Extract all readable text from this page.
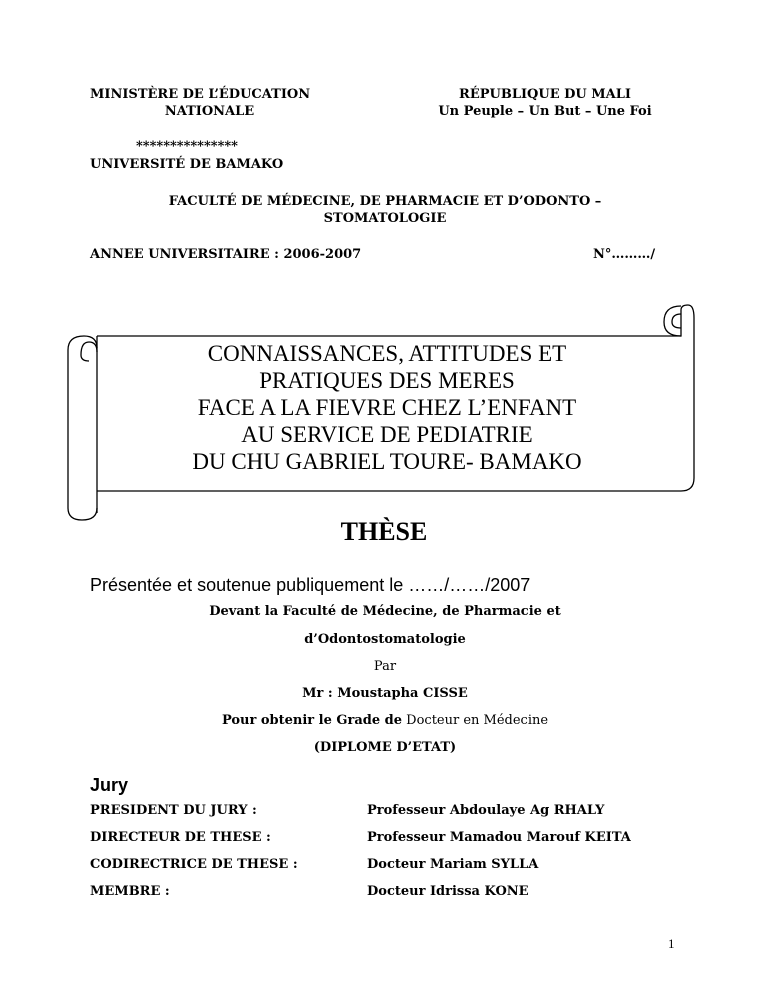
MINISTÈRE DE L’ÉDUCATION
NATIONALE
RÉPUBLIQUE DU MALI
Un Peuple – Un But – Une Foi
***************
UNIVERSITÉ DE BAMAKO
FACULTÉ DE MÉDECINE, DE PHARMACIE ET D’ODONTO –
STOMATOLOGIE
ANNEE UNIVERSITAIRE : 2006-2007	N°………/
CONNAISSANCES, ATTITUDES ET
PRATIQUES DES MERES
FACE A LA FIEVRE CHEZ L’ENFANT
AU SERVICE DE PEDIATRIE
DU CHU GABRIEL TOURE- BAMAKO
THÈSE
Présentée et soutenue publiquement le ……/……/2007
Devant la Faculté de Médecine, de Pharmacie et
d’Odontostomatologie
Par
Mr : Moustapha CISSE
Pour obtenir le Grade de Docteur en Médecine
(DIPLOME D’ETAT)
Jury
PRESIDENT DU JURY :	Professeur Abdoulaye Ag RHALY
DIRECTEUR DE THESE :	Professeur Mamadou Marouf KEITA
CODIRECTRICE DE THESE :	Docteur Mariam SYLLA
MEMBRE :	Docteur Idrissa KONE
1
